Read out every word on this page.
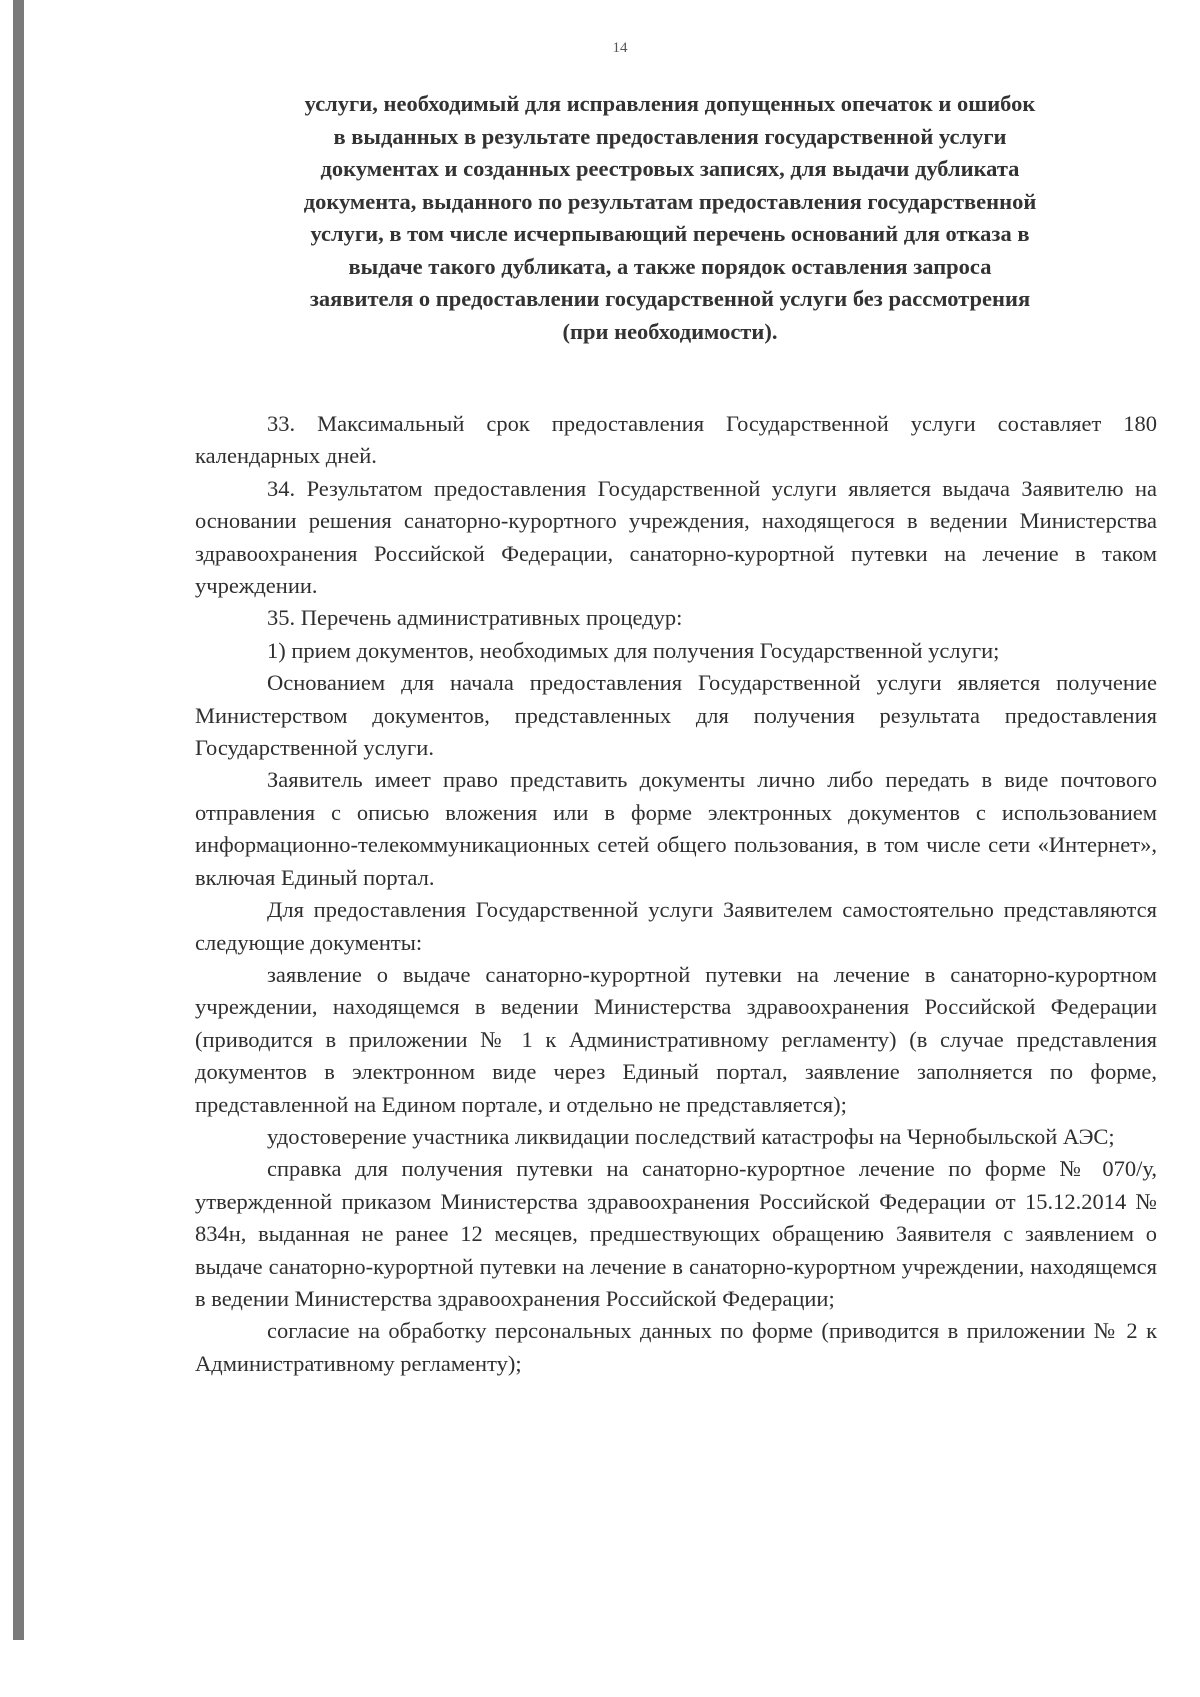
14
услуги, необходимый для исправления допущенных опечаток и ошибок
в выданных в результате предоставления государственной услуги
документах и созданных реестровых записях, для выдачи дубликата
документа, выданного по результатам предоставления государственной
услуги, в том числе исчерпывающий перечень оснований для отказа в
выдаче такого дубликата, а также порядок оставления запроса
заявителя о предоставлении государственной услуги без рассмотрения
(при необходимости).

33. Максимальный срок предоставления Государственной услуги составляет 180 календарных дней.

34. Результатом предоставления Государственной услуги является выдача Заявителю на основании решения санаторно-курортного учреждения, находящегося в ведении Министерства здравоохранения Российской Федерации, санаторно-курортной путевки на лечение в таком учреждении.

35. Перечень административных процедур:

1) прием документов, необходимых для получения Государственной услуги;

Основанием для начала предоставления Государственной услуги является получение Министерством документов, представленных для получения результата предоставления Государственной услуги.

Заявитель имеет право представить документы лично либо передать в виде почтового отправления с описью вложения или в форме электронных документов с использованием информационно-телекоммуникационных сетей общего пользования, в том числе сети «Интернет», включая Единый портал.

Для предоставления Государственной услуги Заявителем самостоятельно представляются следующие документы:

заявление о выдаче санаторно-курортной путевки на лечение в санаторно-курортном учреждении, находящемся в ведении Министерства здравоохранения Российской Федерации (приводится в приложении № 1 к Административному регламенту) (в случае представления документов в электронном виде через Единый портал, заявление заполняется по форме, представленной на Едином портале, и отдельно не представляется);

удостоверение участника ликвидации последствий катастрофы на Чернобыльской АЭС;

справка для получения путевки на санаторно-курортное лечение по форме № 070/у, утвержденной приказом Министерства здравоохранения Российской Федерации от 15.12.2014 № 834н, выданная не ранее 12 месяцев, предшествующих обращению Заявителя с заявлением о выдаче санаторно-курортной путевки на лечение в санаторно-курортном учреждении, находящемся в ведении Министерства здравоохранения Российской Федерации;

согласие на обработку персональных данных по форме (приводится в приложении № 2 к Административному регламенту);
